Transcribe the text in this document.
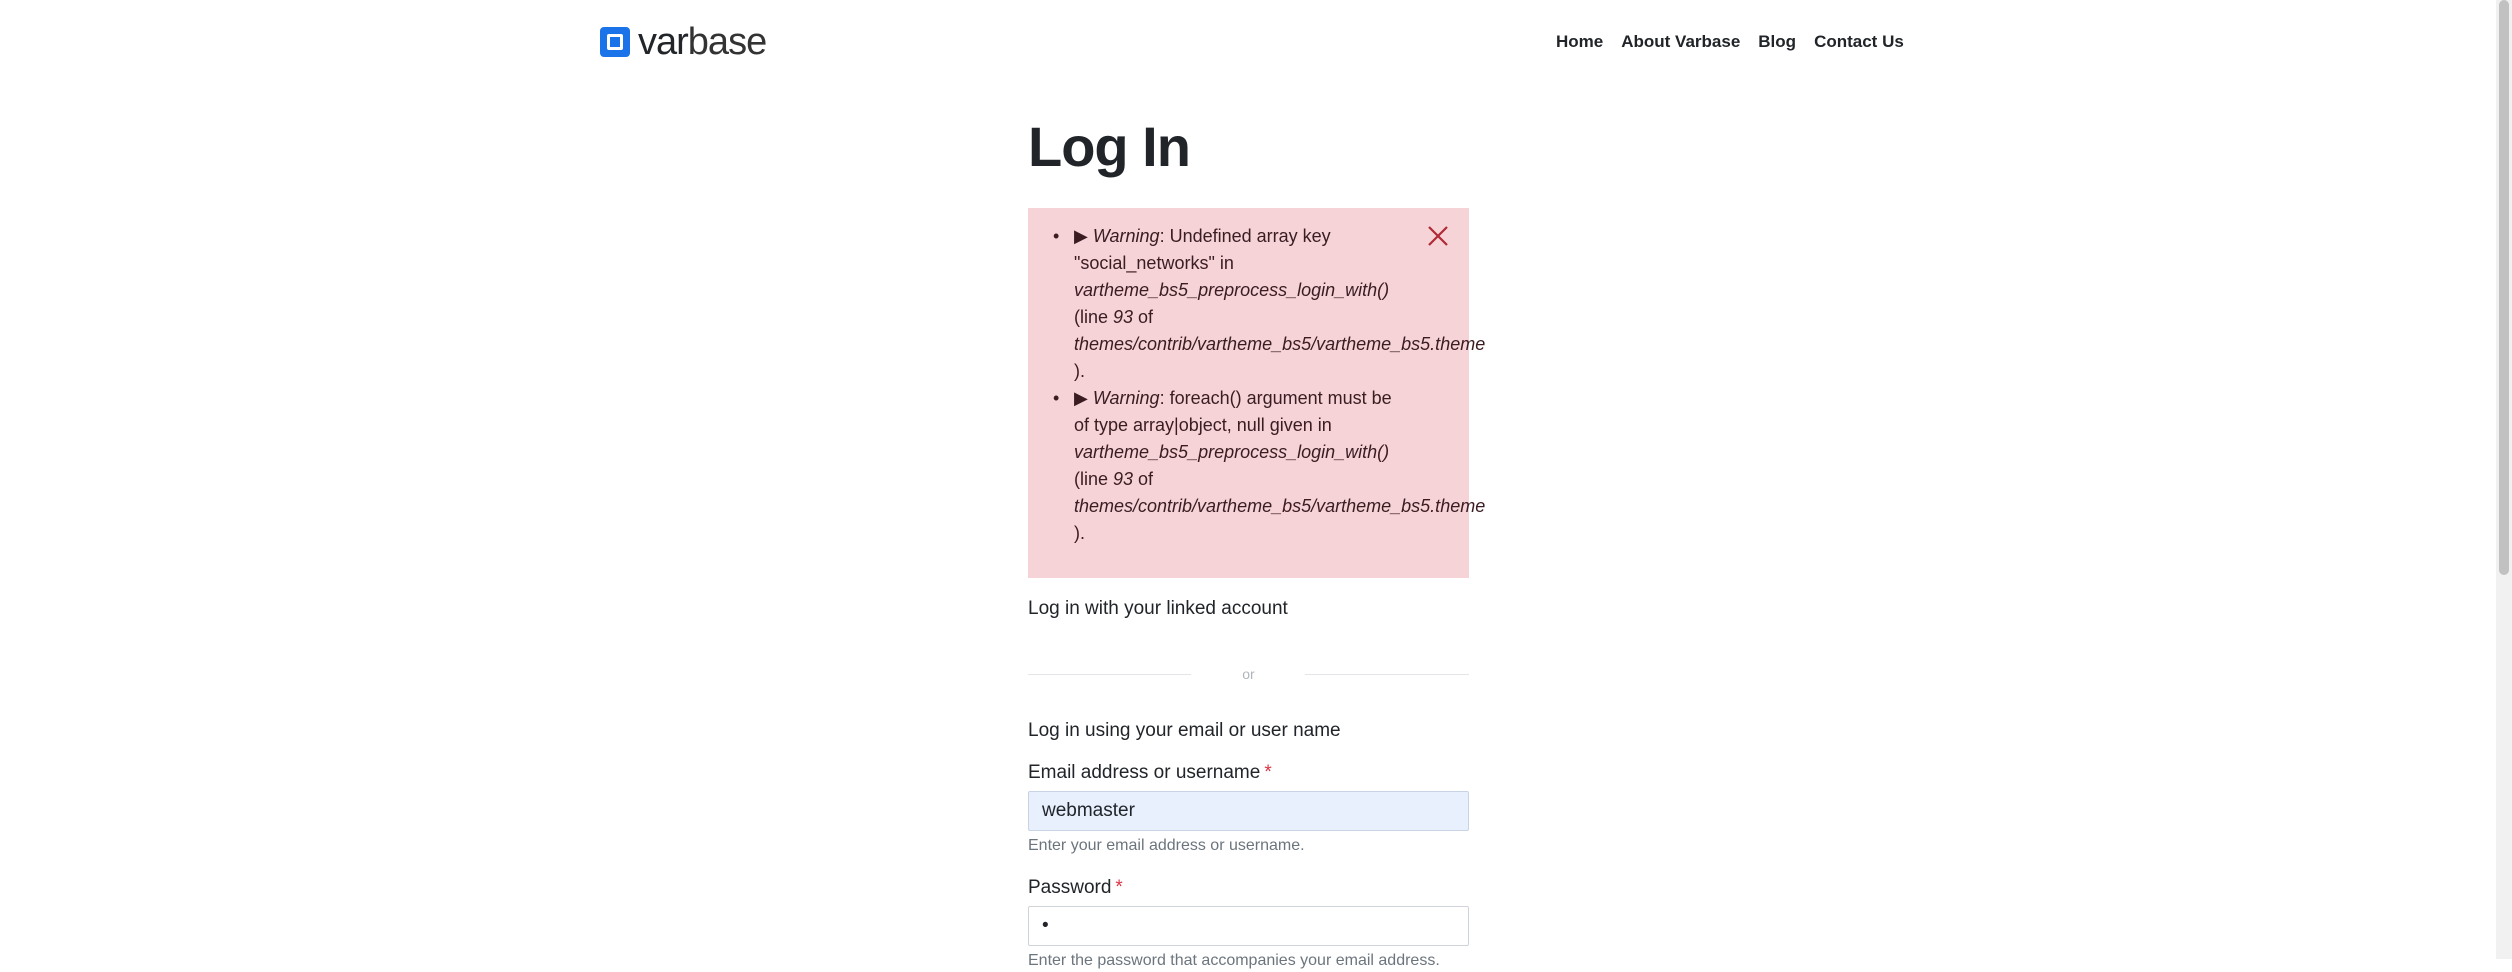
varbase	Home About Varbase Blog Contact Us
Log In
• ▶ Warning: Undefined array key
"social_networks" in
vartheme_bs5_preprocess_login_with()
(line 93 of
themes/contrib/vartheme_bs5/vartheme_bs5.theme
).
• ▶ Warning: foreach() argument must be
of type array|object, null given in
vartheme_bs5_preprocess_login_with()
(line 93 of
themes/contrib/vartheme_bs5/vartheme_bs5.theme
).
Log in with your linked account
or
Log in using your email or user name
Email address or username *
webmaster
Enter your email address or username.
Password *
•
Enter the password that accompanies your email address.
